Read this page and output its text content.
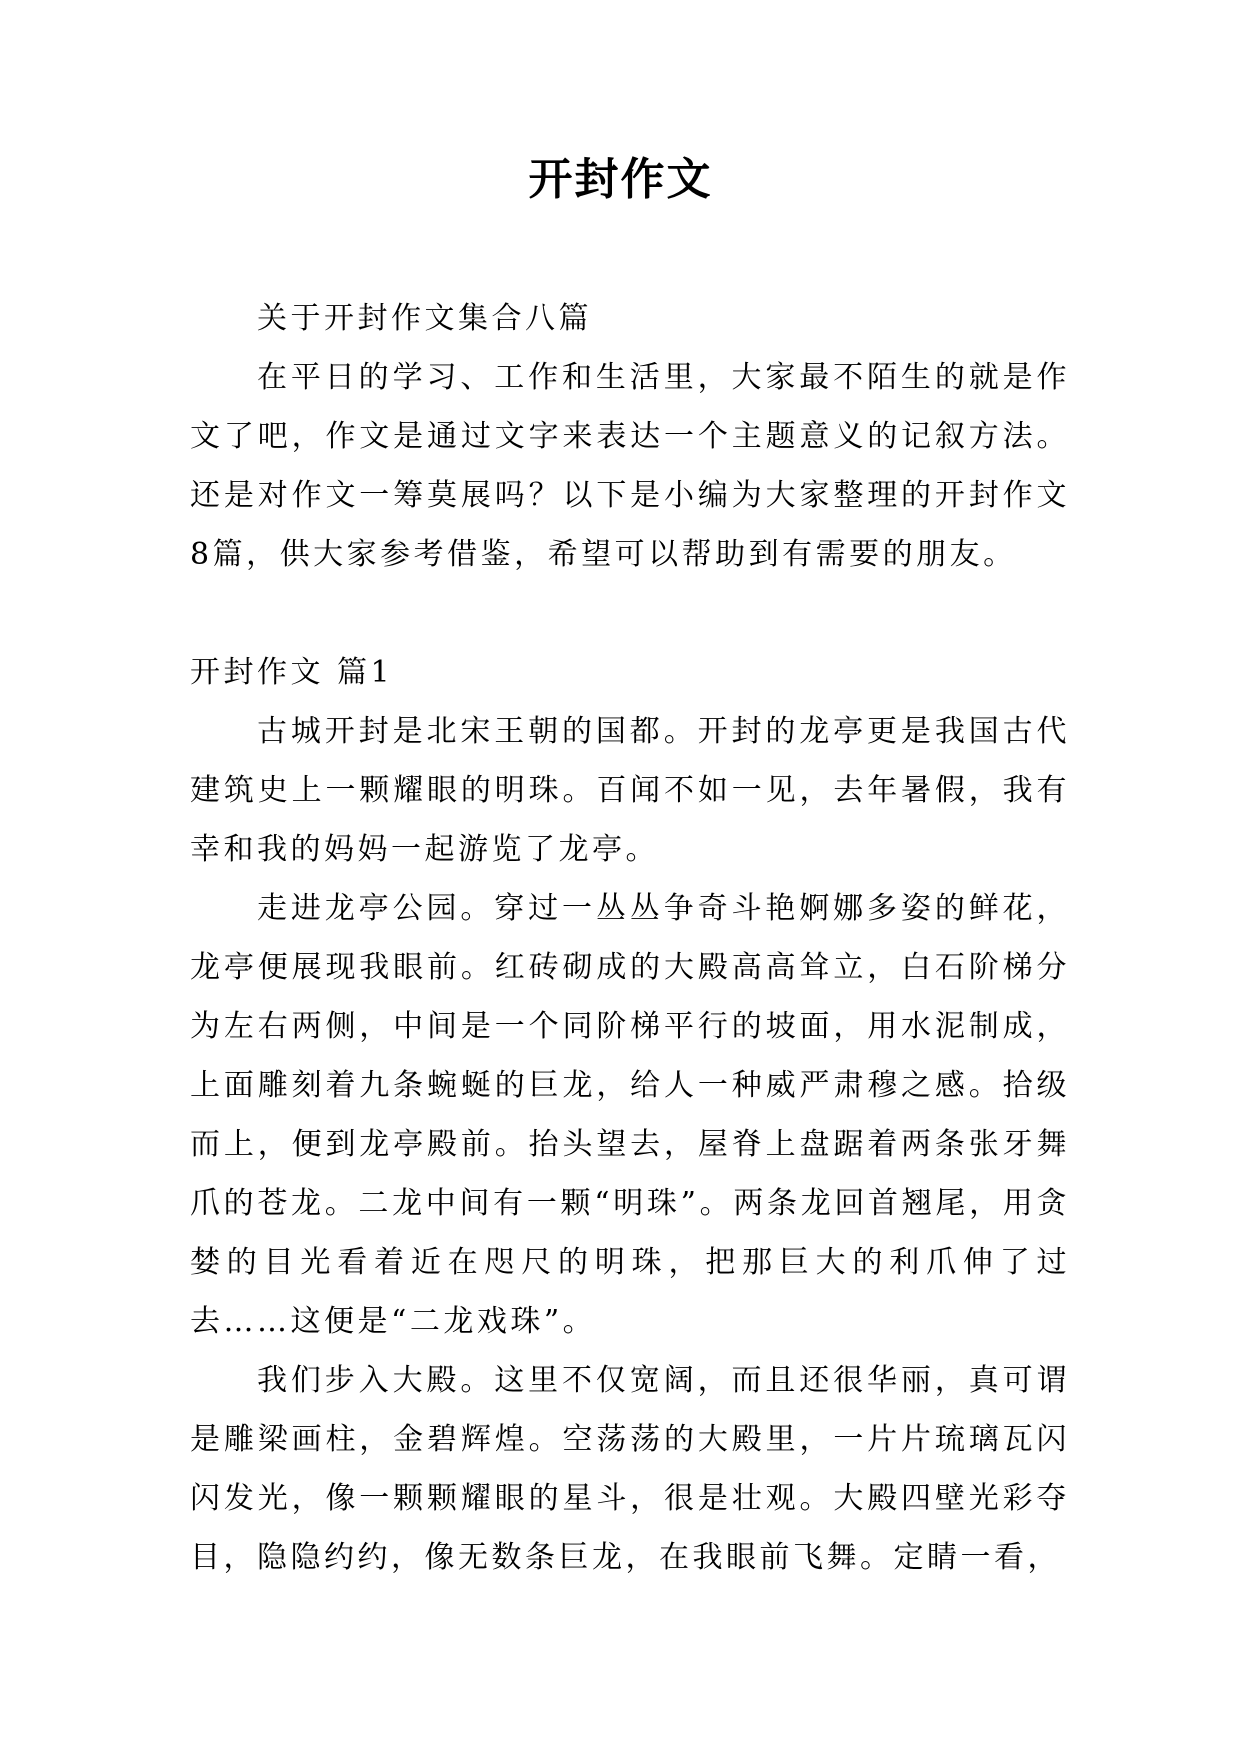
开封作文

关于开封作文集合八篇

在平日的学习、工作和生活里，大家最不陌生的就是作文了吧，作文是通过文字来表达一个主题意义的记叙方法。还是对作文一筹莫展吗？以下是小编为大家整理的开封作文8篇，供大家参考借鉴，希望可以帮助到有需要的朋友。

开封作文 篇1

古城开封是北宋王朝的国都。开封的龙亭更是我国古代建筑史上一颗耀眼的明珠。百闻不如一见，去年暑假，我有幸和我的妈妈一起游览了龙亭。

走进龙亭公园。穿过一丛丛争奇斗艳婀娜多姿的鲜花，龙亭便展现我眼前。红砖砌成的大殿高高耸立，白石阶梯分为左右两侧，中间是一个同阶梯平行的坡面，用水泥制成，上面雕刻着九条蜿蜒的巨龙，给人一种威严肃穆之感。拾级而上，便到龙亭殿前。抬头望去，屋脊上盘踞着两条张牙舞爪的苍龙。二龙中间有一颗“明珠”。两条龙回首翘尾，用贪婪的目光看着近在咫尺的明珠，把那巨大的利爪伸了过去……这便是“二龙戏珠”。

我们步入大殿。这里不仅宽阔，而且还很华丽，真可谓是雕梁画柱，金碧辉煌。空荡荡的大殿里，一片片琉璃瓦闪闪发光，像一颗颗耀眼的星斗，很是壮观。大殿四壁光彩夺目，隐隐约约，像无数条巨龙，在我眼前飞舞。定睛一看，
